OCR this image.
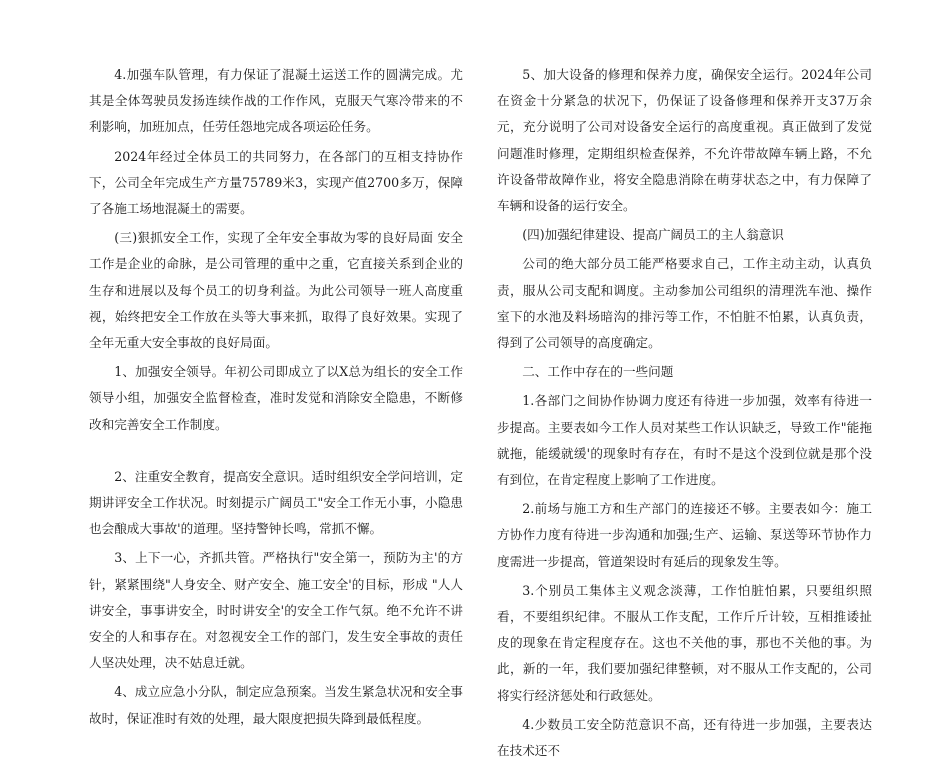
4.加强车队管理，有力保证了混凝土运送工作的圆满完成。尤其是全体驾驶员发扬连续作战的工作作风，克服天气寒冷带来的不利影响，加班加点，任劳任怨地完成各项运砼任务。

2024年经过全体员工的共同努力，在各部门的互相支持协作下，公司全年完成生产方量75789米3，实现产值2700多万，保障了各施工场地混凝土的需要。

(三)狠抓安全工作，实现了全年安全事故为零的良好局面 安全工作是企业的命脉，是公司管理的重中之重，它直接关系到企业的生存和进展以及每个员工的切身利益。为此公司领导一班人高度重视，始终把安全工作放在头等大事来抓，取得了良好效果。实现了全年无重大安全事故的良好局面。

1、加强安全领导。年初公司即成立了以X总为组长的安全工作领导小组，加强安全监督检查，准时发觉和消除安全隐患，不断修改和完善安全工作制度。

2、注重安全教育，提高安全意识。适时组织安全学问培训，定期讲评安全工作状况。时刻提示广阔员工"安全工作无小事，小隐患也会酿成大事故'的道理。坚持警钟长鸣，常抓不懈。

3、上下一心，齐抓共管。严格执行"安全第一，预防为主'的方针，紧紧围绕"人身安全、财产安全、施工安全'的目标，形成 "人人讲安全，事事讲安全，时时讲安全'的安全工作气氛。绝不允许不讲安全的人和事存在。对忽视安全工作的部门，发生安全事故的责任人坚决处理，决不姑息迁就。

4、成立应急小分队，制定应急预案。当发生紧急状况和安全事故时，保证准时有效的处理，最大限度把损失降到最低程度。

5、加大设备的修理和保养力度，确保安全运行。2024年公司在资金十分紧急的状况下，仍保证了设备修理和保养开支37万余元，充分说明了公司对设备安全运行的高度重视。真正做到了发觉问题准时修理，定期组织检查保养，不允许带故障车辆上路，不允许设备带故障作业，将安全隐患消除在萌芽状态之中，有力保障了车辆和设备的运行安全。

(四)加强纪律建设、提高广阔员工的主人翁意识

公司的绝大部分员工能严格要求自己，工作主动主动，认真负责，服从公司支配和调度。主动参加公司组织的清理洗车池、操作室下的水池及料场暗沟的排污等工作，不怕脏不怕累，认真负责，得到了公司领导的高度确定。

二、工作中存在的一些问题

1.各部门之间协作协调力度还有待进一步加强，效率有待进一步提高。主要表如今工作人员对某些工作认识缺乏，导致工作"能拖就拖，能缓就缓'的现象时有存在，有时不是这个没到位就是那个没有到位，在肯定程度上影响了工作进度。

2.前场与施工方和生产部门的连接还不够。主要表如今：施工方协作力度有待进一步沟通和加强;生产、运输、泵送等环节协作力度需进一步提高，管道架设时有延后的现象发生等。

3.个别员工集体主义观念淡薄，工作怕脏怕累，只要组织照看，不要组织纪律。不服从工作支配，工作斤斤计较，互相推诿扯皮的现象在肯定程度存在。这也不关他的事，那也不关他的事。为此，新的一年，我们要加强纪律整顿，对不服从工作支配的，公司将实行经济惩处和行政惩处。

4.少数员工安全防范意识不高，还有待进一步加强，主要表达在技术还不
